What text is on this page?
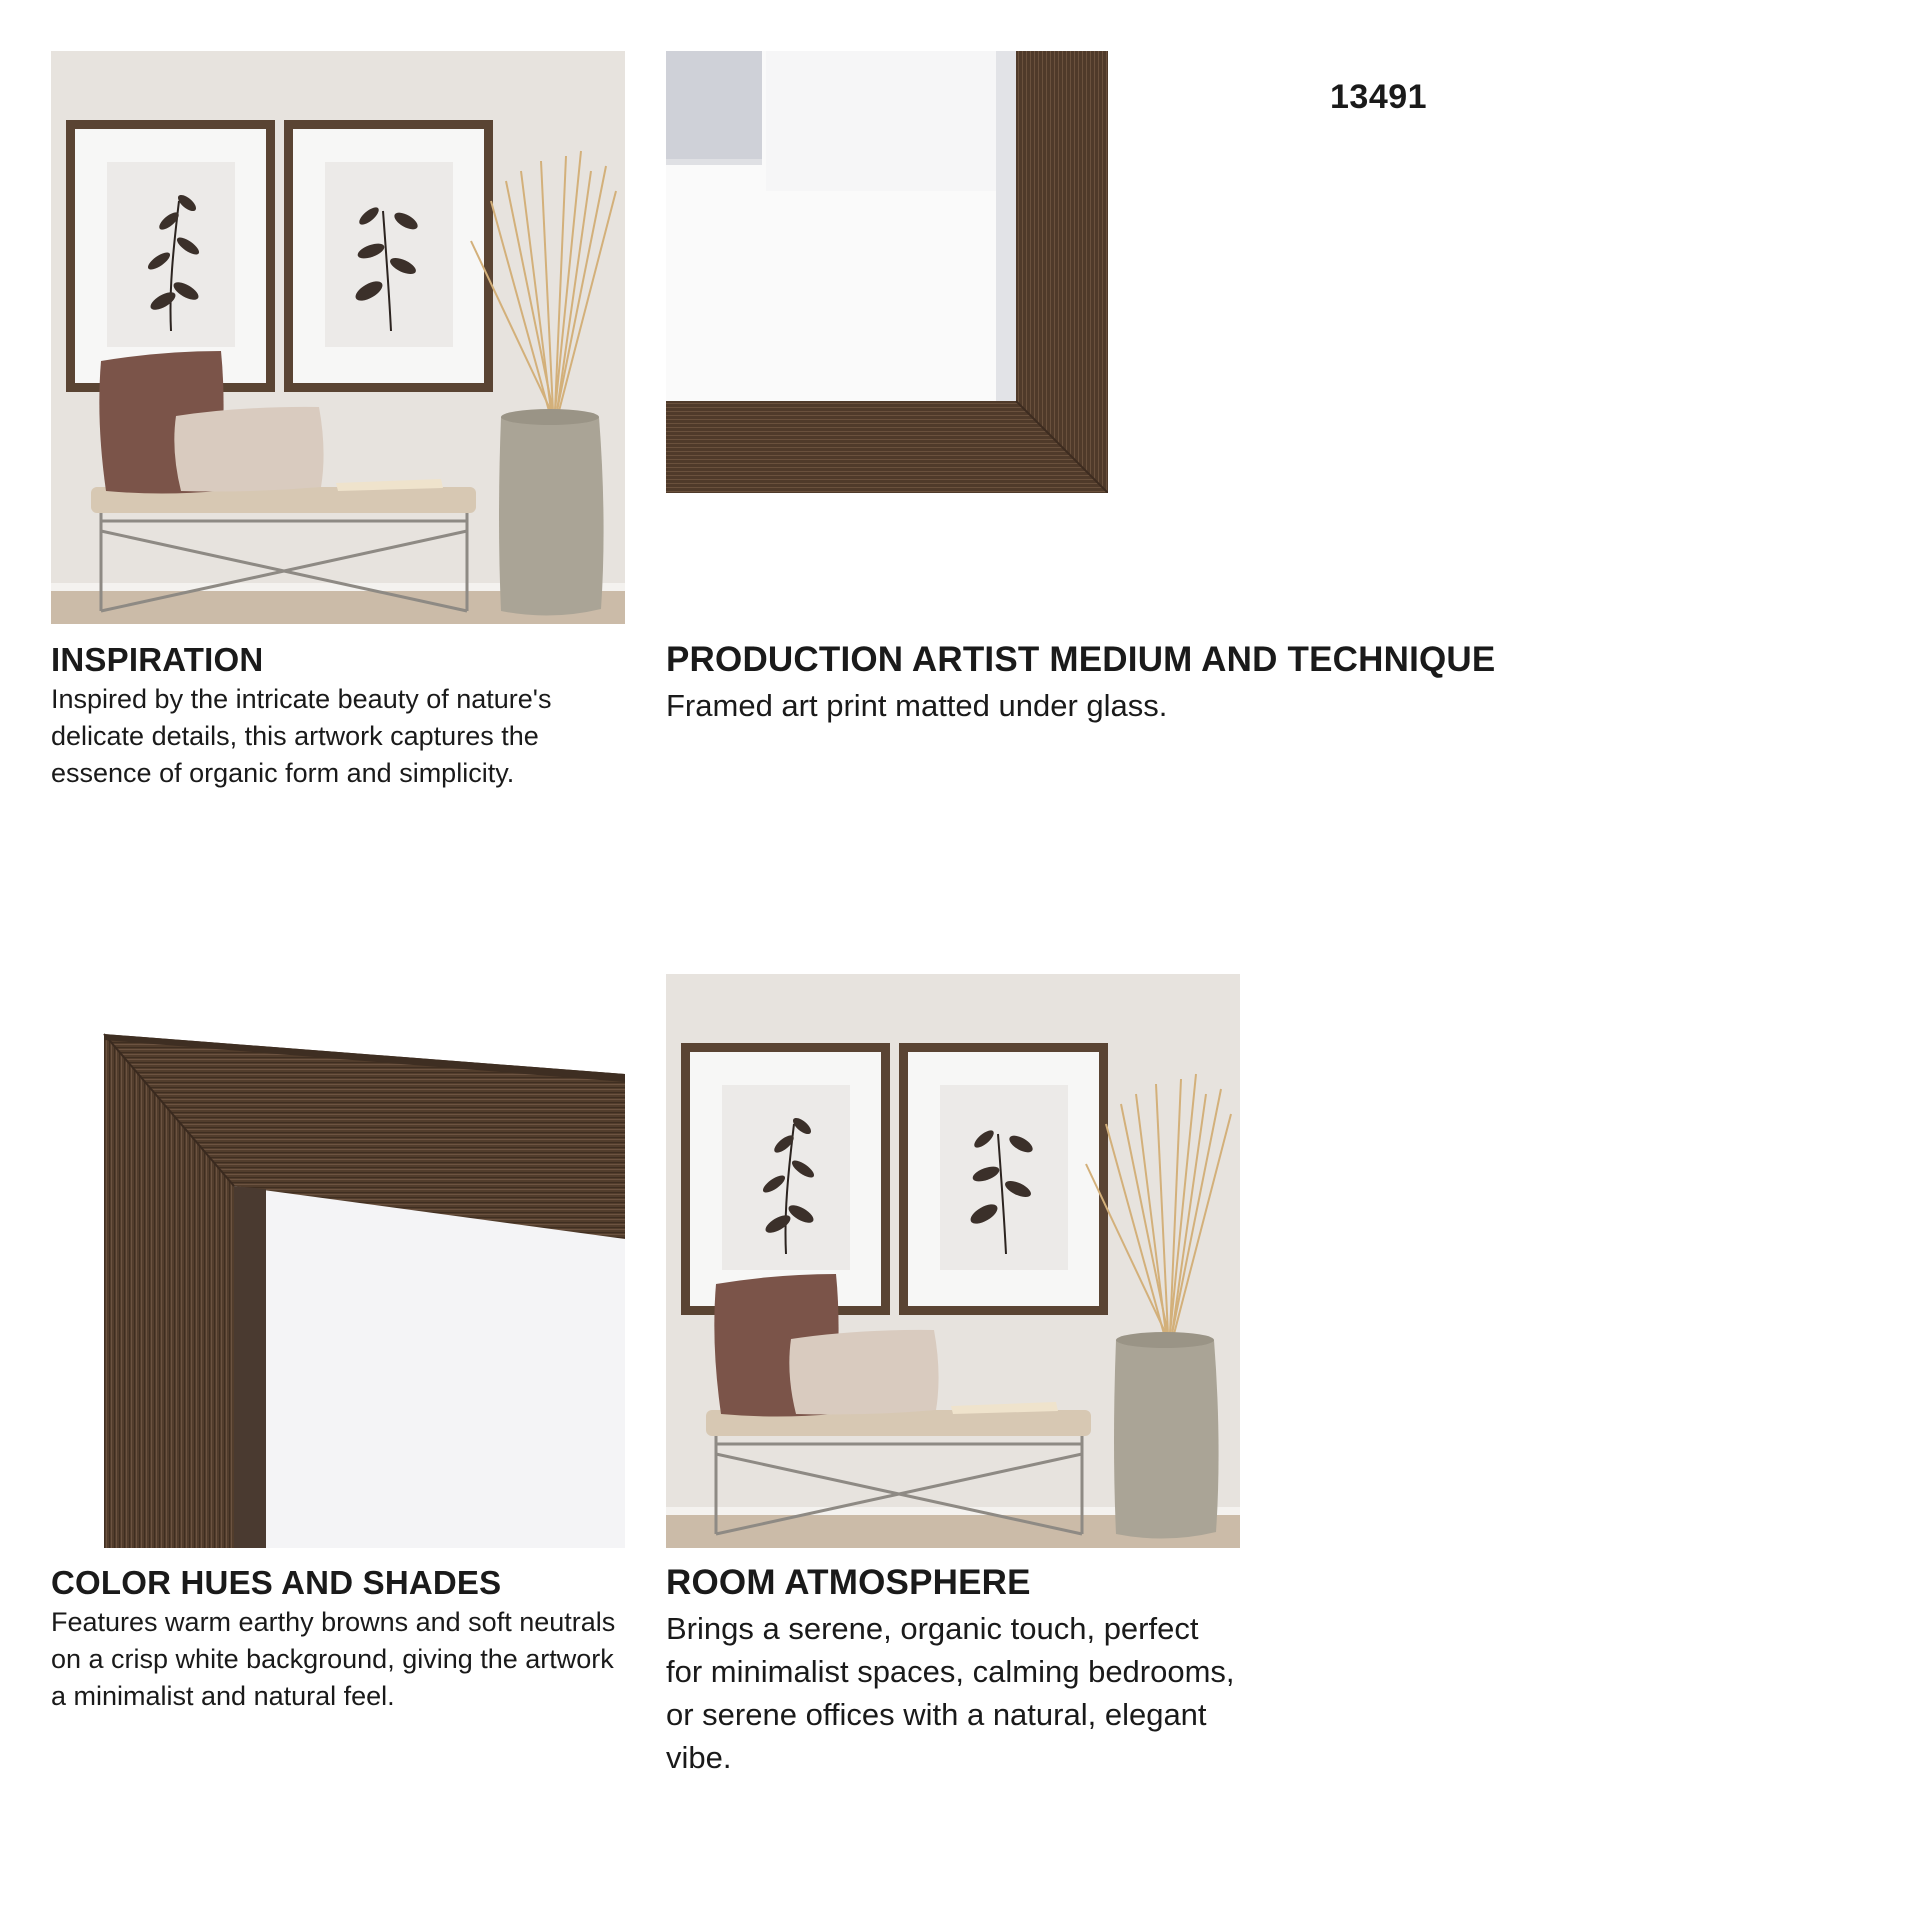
13491
INSPIRATION

Inspired by the intricate beauty of nature's delicate details, this artwork captures the essence of organic form and simplicity.

PRODUCTION ARTIST MEDIUM AND TECHNIQUE

Framed art print matted under glass.

COLOR HUES AND SHADES

Features warm earthy browns and soft neutrals on a crisp white background, giving the artwork a minimalist and natural feel.

ROOM ATMOSPHERE

Brings a serene, organic touch, perfect for minimalist spaces, calming bedrooms, or serene offices with a natural, elegant vibe.
